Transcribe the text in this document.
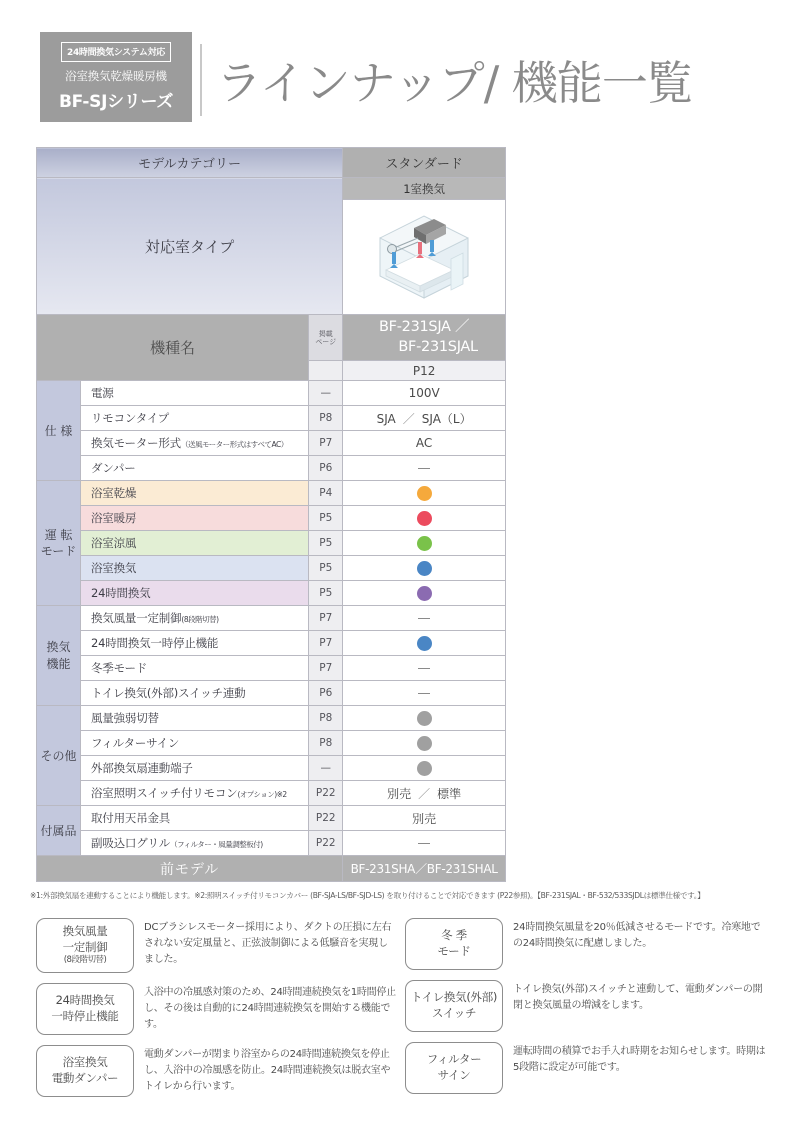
24時間換気システム対応
浴室換気乾燥暖房機
BF-SJシリーズ ラインナップ/ 機能一覧
モデルカテゴリー			スタンダード
対応室タイプ			1室換気

機種名		掲載
ページ	BF-231SJA ／
BF-231SJAL
			P12
仕 様	電源	—	100V
	リモコンタイプ	P8	SJA ／ SJA（L）
	換気モーター形式（送風モーター形式はすべてAC）	P7	AC
	ダンパー	P6	
運 転
モード	浴室乾燥	P4	
	浴室暖房	P5	
	浴室涼風	P5	
	浴室換気	P5	
	24時間換気	P5	
換気
機能	換気風量一定制御(8段階切替)	P7	
	24時間換気一時停止機能	P7	
	冬季モード	P7	
	トイレ換気(外部)スイッチ連動	P6	
その他	風量強弱切替	P8	
	フィルターサイン	P8	
	外部換気扇連動端子	—	
	浴室照明スイッチ付リモコン(オプション)※2	P22	別売 ／ 標準
付属品	取付用天吊金具	P22	別売
	副吸込口グリル（フィルター・風量調整板付)	P22	
前モデル			BF-231SHA／BF-231SHAL
※1:外部換気扇を連動することにより機能します。※2:照明スイッチ付リモコンカバー (BF-SJA-LS/BF-SJD-LS) を取り付けることで対応できます (P22参照)。【BF-231SJAL・BF-532/533SJDLは標準仕様です。】
換気風量
一定制御
(8段階切替)
DCブラシレスモーター採用により、ダクトの圧損に左右されない安定風量と、正弦波制御による低騒音を実現しました。
24時間換気
一時停止機能
入浴中の冷風感対策のため、24時間連続換気を1時間停止し、その後は自動的に24時間連続換気を開始する機能です。
浴室換気
電動ダンパー
電動ダンパーが閉まり浴室からの24時間連続換気を停止し、入浴中の冷風感を防止。24時間連続換気は脱衣室やトイレから行います。
冬 季
モード
24時間換気風量を20％低減させるモードです。冷寒地での24時間換気に配慮しました。
トイレ換気(外部)
スイッチ
トイレ換気(外部)スイッチと連動して、電動ダンパーの開閉と換気風量の増減をします。
フィルター
サイン
運転時間の積算でお手入れ時期をお知らせします。時期は5段階に設定が可能です。
